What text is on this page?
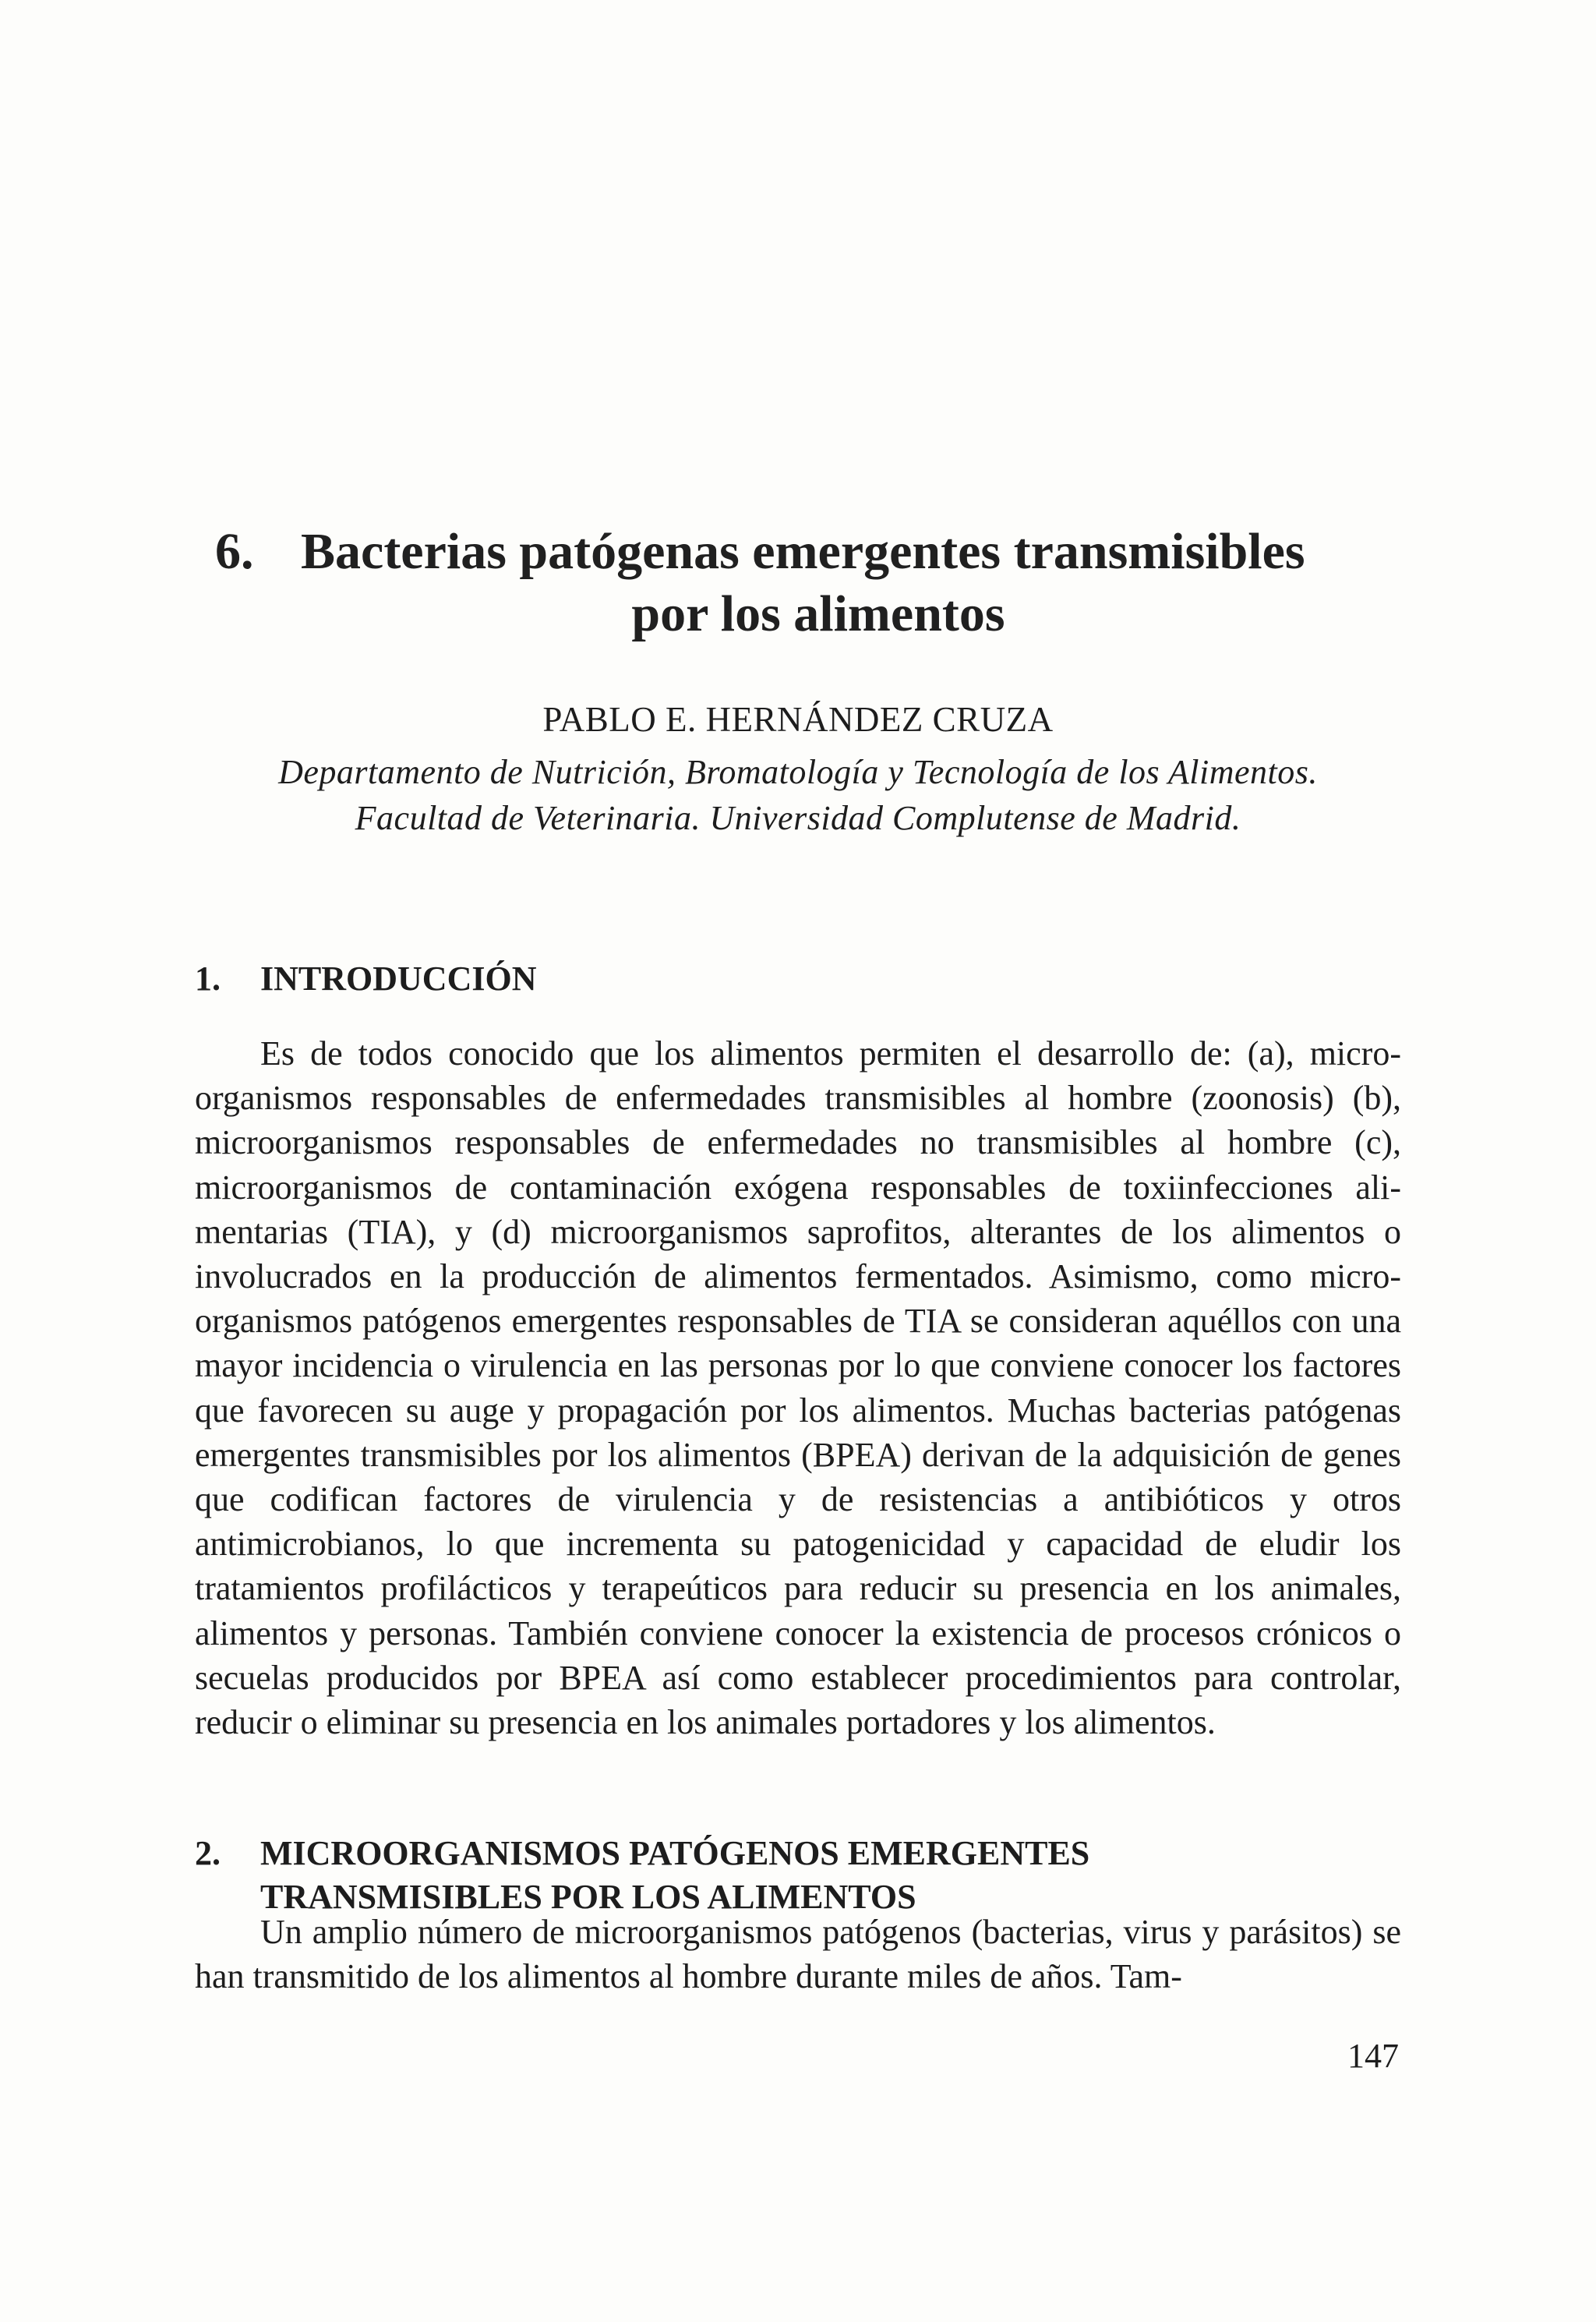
6. Bacterias patógenas emergentes transmisibles
por los alimentos
PABLO E. HERNÁNDEZ CRUZA
Departamento de Nutrición, Bromatología y Tecnología de los Alimentos.
Facultad de Veterinaria. Universidad Complutense de Madrid.
1. INTRODUCCIÓN

Es de todos conocido que los alimentos permiten el desarrollo de: (a), microorganismos responsables de enfermedades transmisibles al hombre (zoonosis) (b), microorganismos responsables de enfermedades no transmisibles al hombre (c), microorganismos de contaminación exógena responsables de toxiinfecciones alimentarias (TIA), y (d) microorganismos saprofitos, alterantes de los alimentos o involucrados en la producción de alimentos fermentados. Asimismo, como microorganismos patógenos emergentes responsables de TIA se consideran aquéllos con una mayor incidencia o virulencia en las personas por lo que conviene conocer los factores que favorecen su auge y propagación por los alimentos. Muchas bacterias patógenas emergentes transmisibles por los alimentos (BPEA) derivan de la adquisición de genes que codifican factores de virulencia y de resistencias a antibióticos y otros antimicrobianos, lo que incrementa su patogenicidad y capacidad de eludir los tratamientos profilácticos y terapeúticos para reducir su presencia en los animales, alimentos y personas. También conviene conocer la existencia de procesos crónicos o secuelas producidos por BPEA así como establecer procedimientos para controlar, reducir o eliminar su presencia en los animales portadores y los alimentos.

2. MICROORGANISMOS PATÓGENOS EMERGENTES
TRANSMISIBLES POR LOS ALIMENTOS

Un amplio número de microorganismos patógenos (bacterias, virus y parásitos) se han transmitido de los alimentos al hombre durante miles de años. Tam-

147
